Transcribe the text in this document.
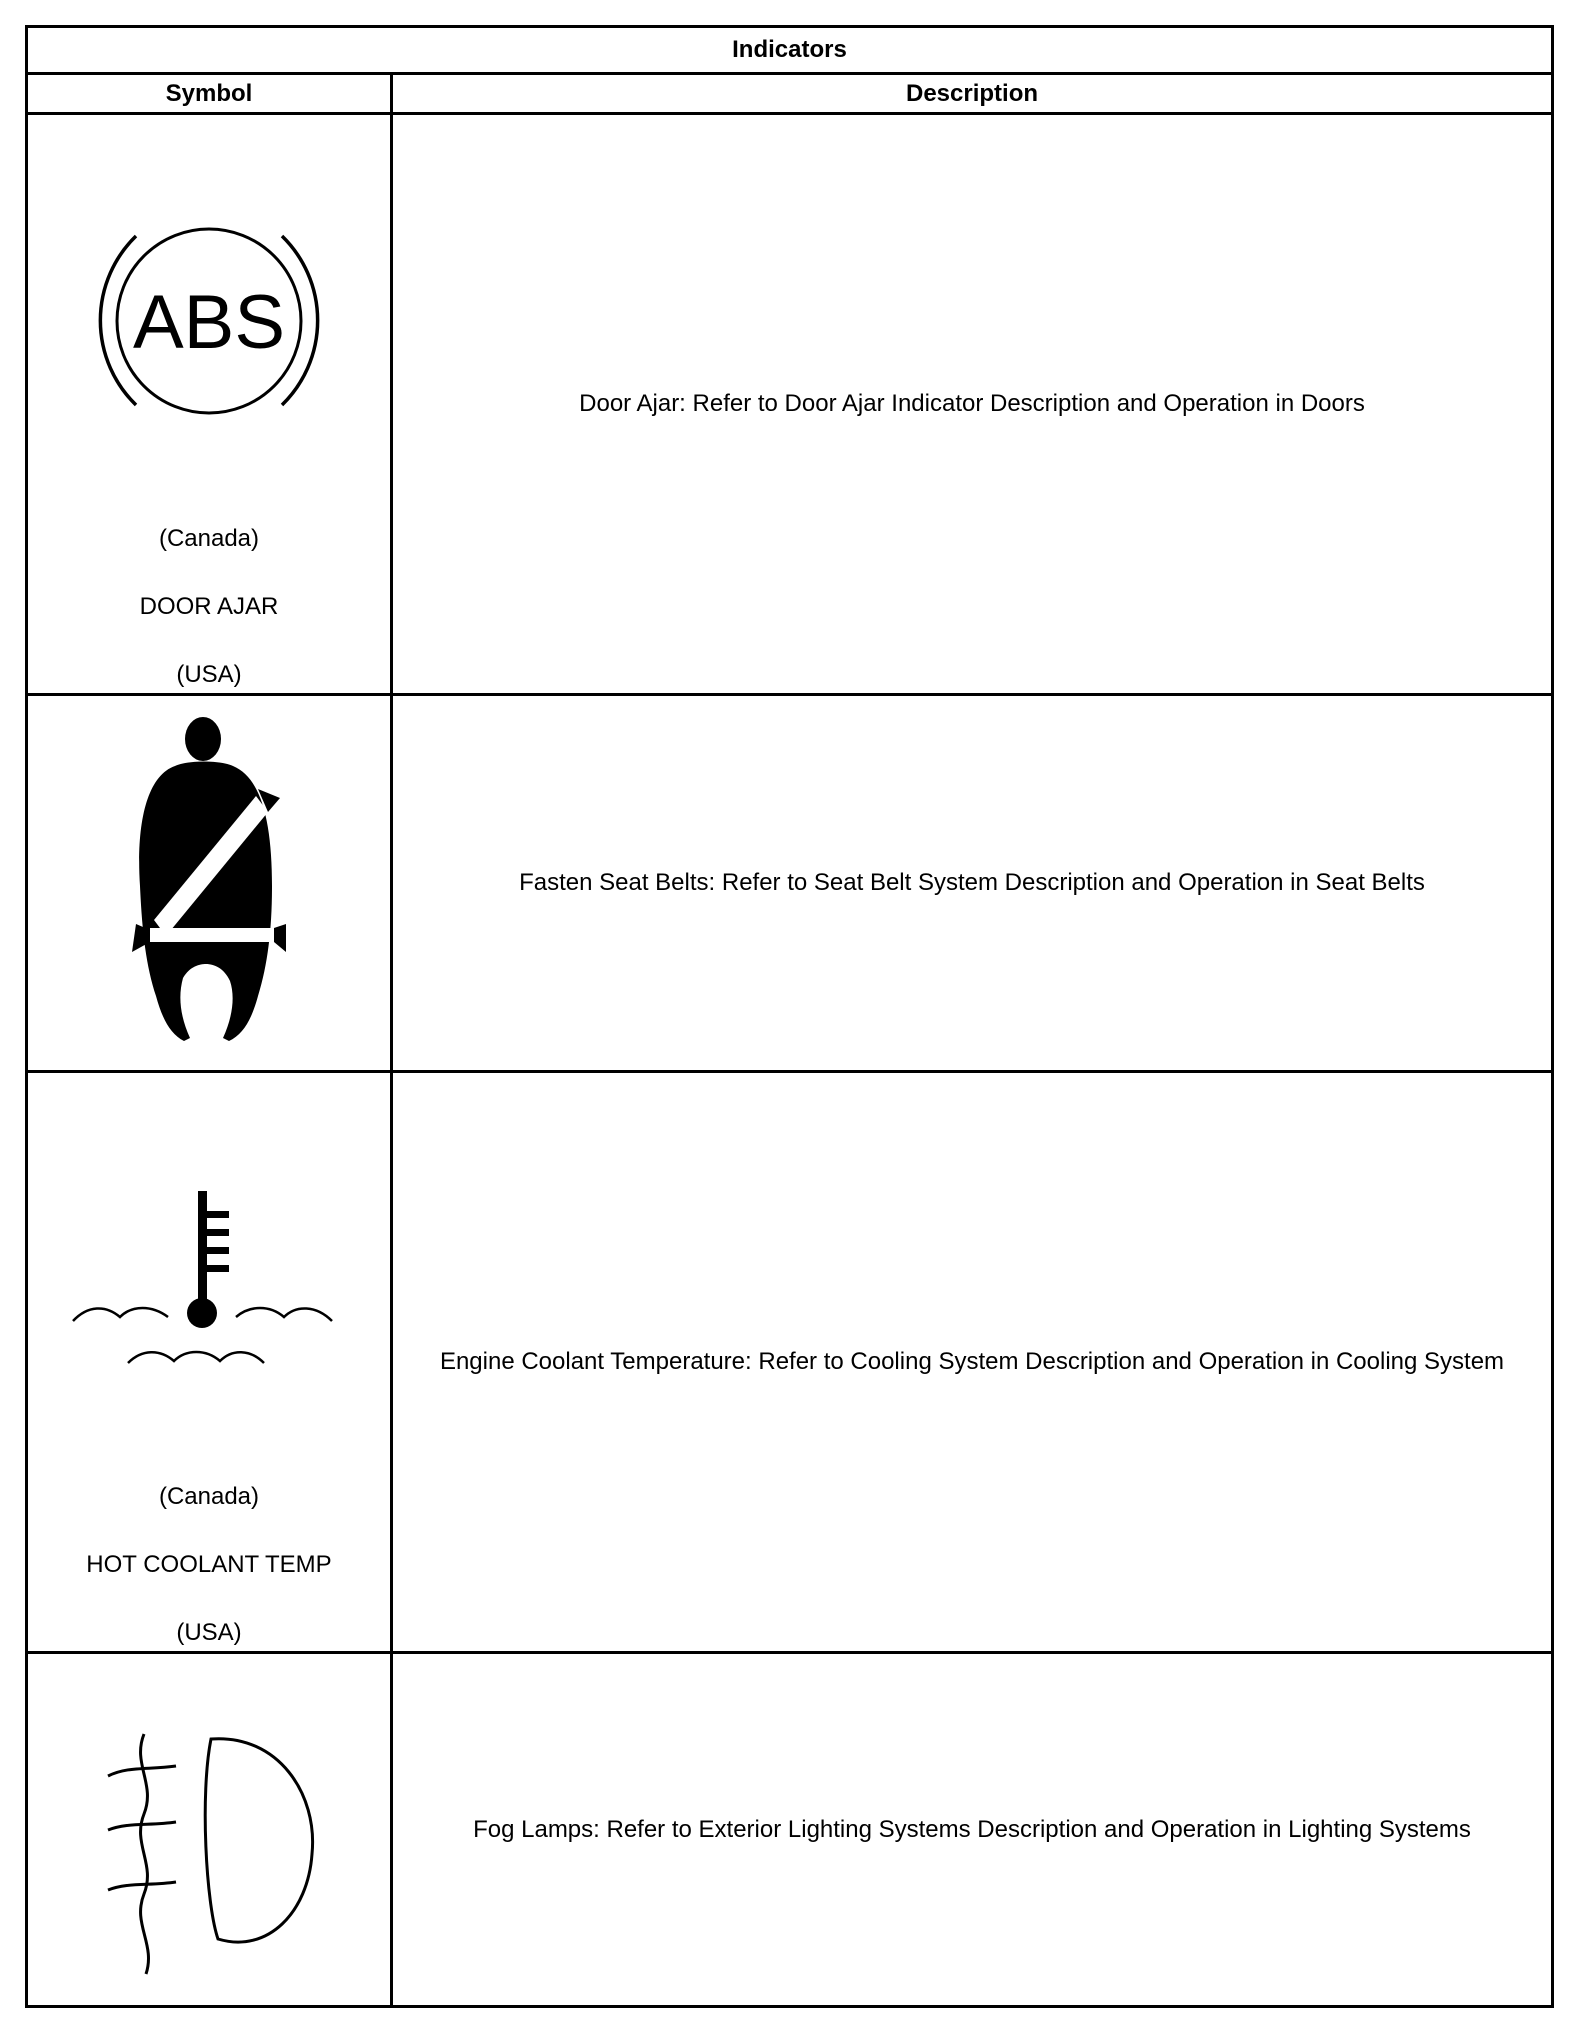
Indicators
Symbol	Description
ABS
(Canada)
DOOR AJAR
(USA)
Door Ajar: Refer to Door Ajar Indicator Description and Operation in Doors
Fasten Seat Belts: Refer to Seat Belt System Description and Operation in Seat Belts
(Canada)
HOT COOLANT TEMP
(USA)
Engine Coolant Temperature: Refer to Cooling System Description and Operation in Cooling System
Fog Lamps: Refer to Exterior Lighting Systems Description and Operation in Lighting Systems
